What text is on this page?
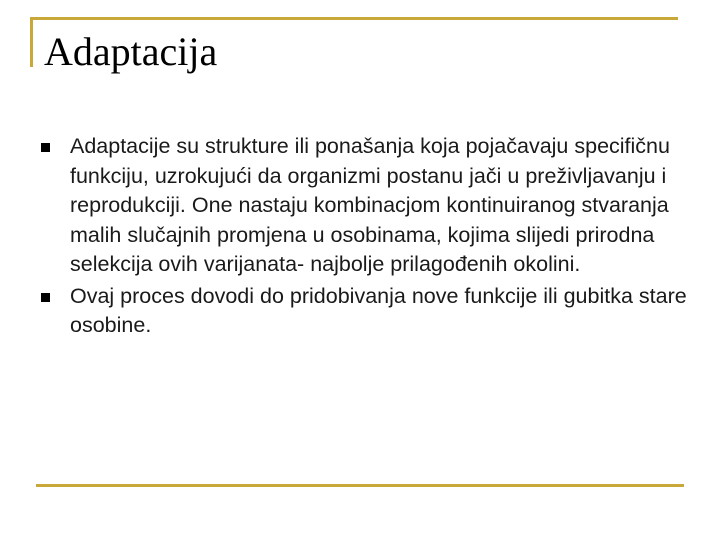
Adaptacija
Adaptacije su strukture ili ponašanja koja pojačavaju specifičnu funkciju, uzrokujući da organizmi postanu jači u preživljavanju i reprodukciji. One nastaju kombinacjom kontinuiranog stvaranja malih slučajnih promjena u osobinama, kojima slijedi prirodna selekcija ovih varijanata- najbolje prilagođenih okolini.
Ovaj proces dovodi do pridobivanja nove funkcije ili gubitka stare osobine.
